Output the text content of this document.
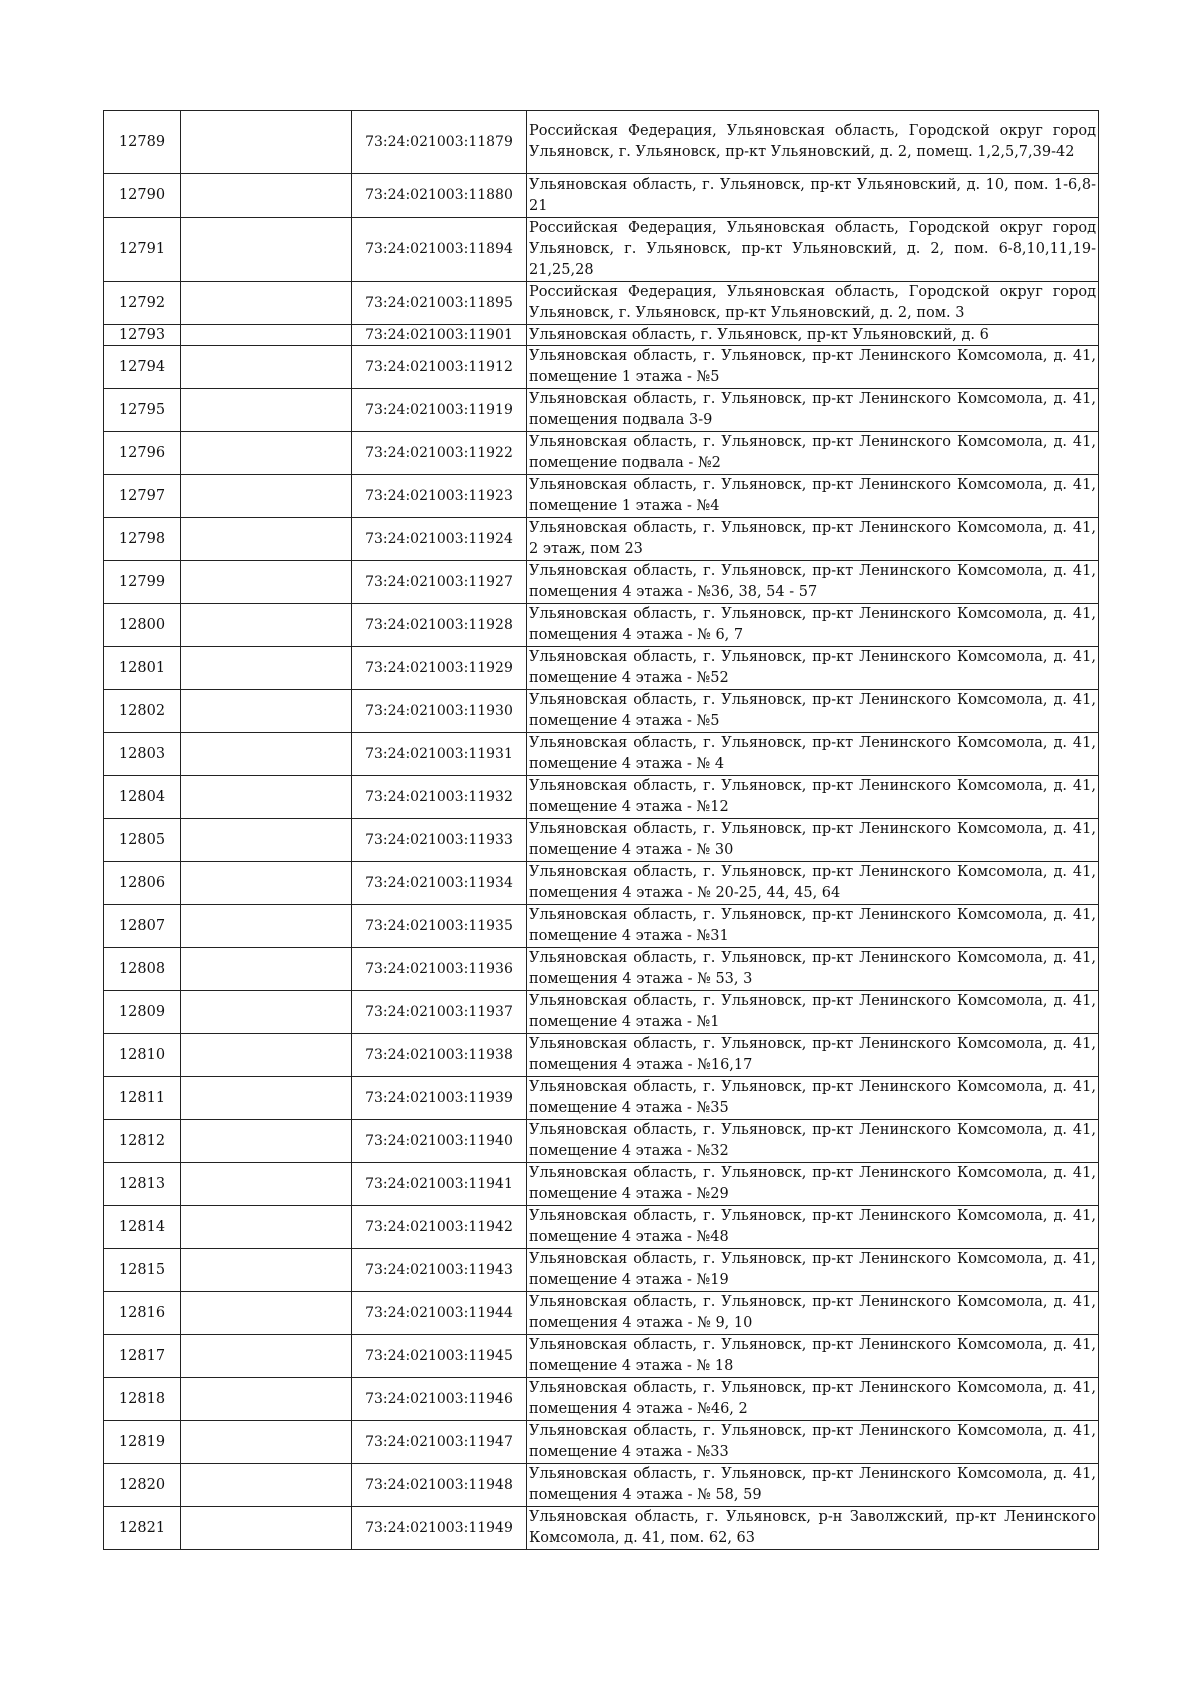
12789		73:24:021003:11879	Российская Федерация, Ульяновская область, Городской округ город Ульяновск, г. Ульяновск, пр-кт Ульяновский, д. 2, помещ. 1,2,5,7,39-42
12790		73:24:021003:11880	Ульяновская область, г. Ульяновск, пр-кт Ульяновский, д. 10, пом. 1-6,8-21
12791		73:24:021003:11894	Российская Федерация, Ульяновская область, Городской округ город Ульяновск, г. Ульяновск, пр-кт Ульяновский, д. 2, пом. 6-8,10,11,19-21,25,28
12792		73:24:021003:11895	Российская Федерация, Ульяновская область, Городской округ город Ульяновск, г. Ульяновск, пр-кт Ульяновский, д. 2, пом. 3
12793		73:24:021003:11901	Ульяновская область, г. Ульяновск, пр-кт Ульяновский, д. 6
12794		73:24:021003:11912	Ульяновская область, г. Ульяновск, пр-кт Ленинского Комсомола, д. 41, помещение 1 этажа - №5
12795		73:24:021003:11919	Ульяновская область, г. Ульяновск, пр-кт Ленинского Комсомола, д. 41, помещения подвала 3-9
12796		73:24:021003:11922	Ульяновская область, г. Ульяновск, пр-кт Ленинского Комсомола, д. 41, помещение подвала - №2
12797		73:24:021003:11923	Ульяновская область, г. Ульяновск, пр-кт Ленинского Комсомола, д. 41, помещение 1 этажа - №4
12798		73:24:021003:11924	Ульяновская область, г. Ульяновск, пр-кт Ленинского Комсомола, д. 41, 2 этаж, пом 23
12799		73:24:021003:11927	Ульяновская область, г. Ульяновск, пр-кт Ленинского Комсомола, д. 41, помещения 4 этажа - №36, 38, 54 - 57
12800		73:24:021003:11928	Ульяновская область, г. Ульяновск, пр-кт Ленинского Комсомола, д. 41, помещения 4 этажа - № 6, 7
12801		73:24:021003:11929	Ульяновская область, г. Ульяновск, пр-кт Ленинского Комсомола, д. 41, помещение 4 этажа - №52
12802		73:24:021003:11930	Ульяновская область, г. Ульяновск, пр-кт Ленинского Комсомола, д. 41, помещение 4 этажа - №5
12803		73:24:021003:11931	Ульяновская область, г. Ульяновск, пр-кт Ленинского Комсомола, д. 41, помещение 4 этажа - № 4
12804		73:24:021003:11932	Ульяновская область, г. Ульяновск, пр-кт Ленинского Комсомола, д. 41, помещение 4 этажа - №12
12805		73:24:021003:11933	Ульяновская область, г. Ульяновск, пр-кт Ленинского Комсомола, д. 41, помещение 4 этажа - № 30
12806		73:24:021003:11934	Ульяновская область, г. Ульяновск, пр-кт Ленинского Комсомола, д. 41, помещения 4 этажа - № 20-25, 44, 45, 64
12807		73:24:021003:11935	Ульяновская область, г. Ульяновск, пр-кт Ленинского Комсомола, д. 41, помещение 4 этажа - №31
12808		73:24:021003:11936	Ульяновская область, г. Ульяновск, пр-кт Ленинского Комсомола, д. 41, помещения 4 этажа - № 53, 3
12809		73:24:021003:11937	Ульяновская область, г. Ульяновск, пр-кт Ленинского Комсомола, д. 41, помещение 4 этажа - №1
12810		73:24:021003:11938	Ульяновская область, г. Ульяновск, пр-кт Ленинского Комсомола, д. 41, помещения 4 этажа - №16,17
12811		73:24:021003:11939	Ульяновская область, г. Ульяновск, пр-кт Ленинского Комсомола, д. 41, помещение 4 этажа - №35
12812		73:24:021003:11940	Ульяновская область, г. Ульяновск, пр-кт Ленинского Комсомола, д. 41, помещение 4 этажа - №32
12813		73:24:021003:11941	Ульяновская область, г. Ульяновск, пр-кт Ленинского Комсомола, д. 41, помещение 4 этажа - №29
12814		73:24:021003:11942	Ульяновская область, г. Ульяновск, пр-кт Ленинского Комсомола, д. 41, помещение 4 этажа - №48
12815		73:24:021003:11943	Ульяновская область, г. Ульяновск, пр-кт Ленинского Комсомола, д. 41, помещение 4 этажа - №19
12816		73:24:021003:11944	Ульяновская область, г. Ульяновск, пр-кт Ленинского Комсомола, д. 41, помещения 4 этажа - № 9, 10
12817		73:24:021003:11945	Ульяновская область, г. Ульяновск, пр-кт Ленинского Комсомола, д. 41, помещение 4 этажа - № 18
12818		73:24:021003:11946	Ульяновская область, г. Ульяновск, пр-кт Ленинского Комсомола, д. 41, помещения 4 этажа - №46, 2
12819		73:24:021003:11947	Ульяновская область, г. Ульяновск, пр-кт Ленинского Комсомола, д. 41, помещение 4 этажа - №33
12820		73:24:021003:11948	Ульяновская область, г. Ульяновск, пр-кт Ленинского Комсомола, д. 41, помещения 4 этажа - № 58, 59
12821		73:24:021003:11949	Ульяновская область, г. Ульяновск, р-н Заволжский, пр-кт Ленинского Комсомола, д. 41, пом. 62, 63
